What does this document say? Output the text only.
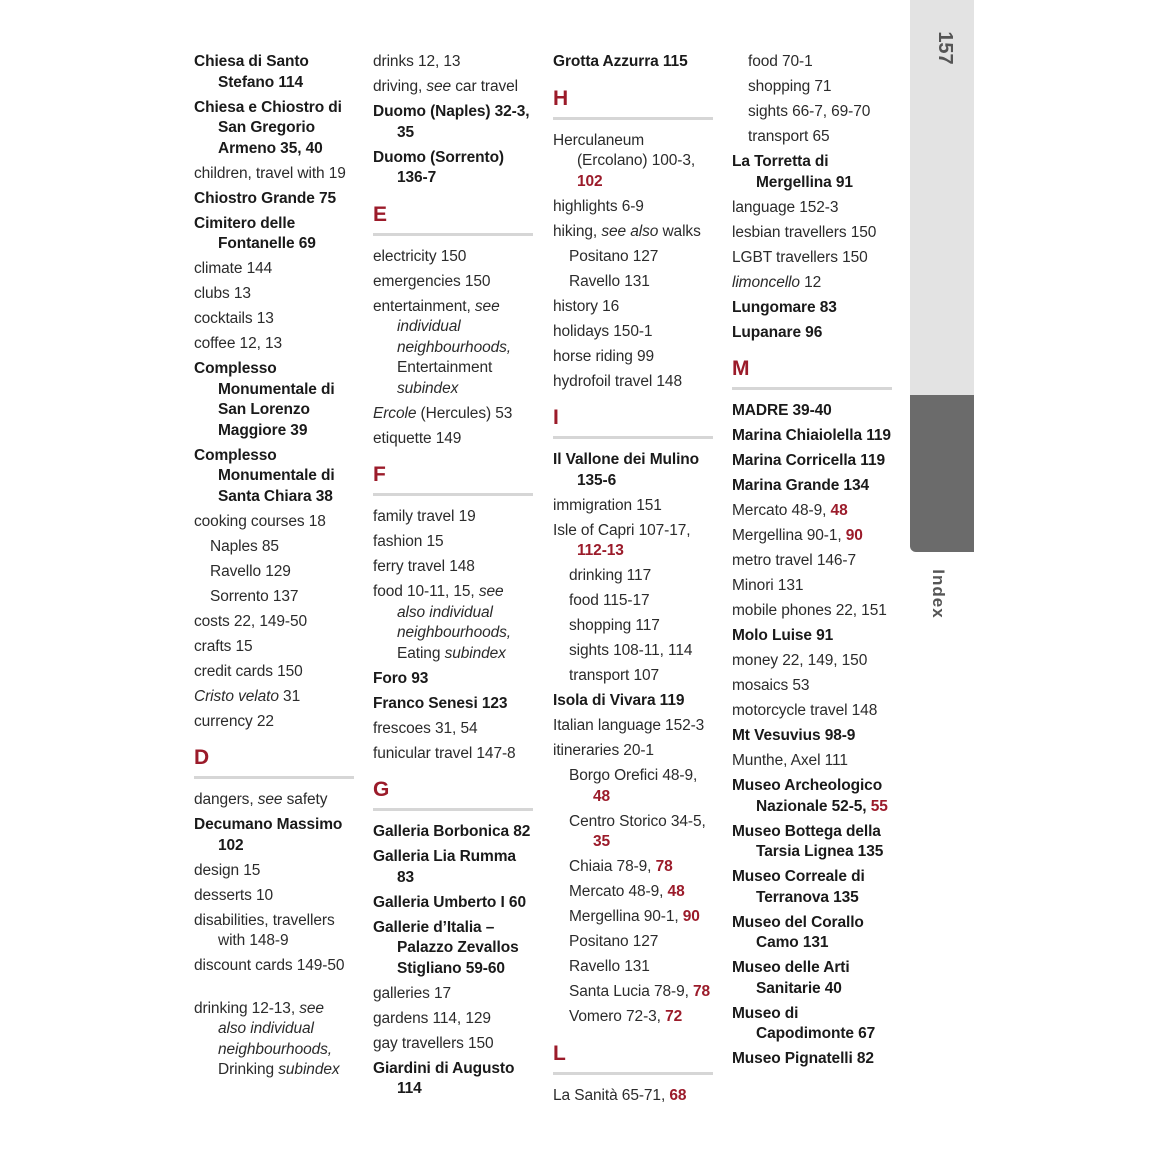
157
Index
Chiesa di Santo Stefano 114
Chiesa e Chiostro di San Gregorio Armeno 35, 40
children, travel with 19
Chiostro Grande 75
Cimitero delle Fontanelle 69
climate 144
clubs 13
cocktails 13
coffee 12, 13
Complesso Monumentale di San Lorenzo Maggiore 39
Complesso Monumentale di Santa Chiara 38
cooking courses 18
Naples 85
Ravello 129
Sorrento 137
costs 22, 149-50
crafts 15
credit cards 150
Cristo velato 31
currency 22
D
dangers, see safety
Decumano Massimo 102
design 15
desserts 10
disabilities, travellers with 148-9
discount cards 149-50
drinking 12-13, see also individual neighbourhoods, Drinking subindex
drinks 12, 13
driving, see car travel
Duomo (Naples) 32-3, 35
Duomo (Sorrento) 136-7
E
electricity 150
emergencies 150
entertainment, see individual neighbourhoods, Entertainment subindex
Ercole (Hercules) 53
etiquette 149
F
family travel 19
fashion 15
ferry travel 148
food 10-11, 15, see also individual neighbourhoods, Eating subindex
Foro 93
Franco Senesi 123
frescoes 31, 54
funicular travel 147-8
G
Galleria Borbonica 82
Galleria Lia Rumma 83
Galleria Umberto I 60
Gallerie d’Italia – Palazzo Zevallos Stigliano 59-60
galleries 17
gardens 114, 129
gay travellers 150
Giardini di Augusto 114
Grotta Azzurra 115
H
Herculaneum (Ercolano) 100-3, 102
highlights 6-9
hiking, see also walks
Positano 127
Ravello 131
history 16
holidays 150-1
horse riding 99
hydrofoil travel 148
I
Il Vallone dei Mulino 135-6
immigration 151
Isle of Capri 107-17, 112-13
drinking 117
food 115-17
shopping 117
sights 108-11, 114
transport 107
Isola di Vivara 119
Italian language 152-3
itineraries 20-1
Borgo Orefici 48-9, 48
Centro Storico 34-5, 35
Chiaia 78-9, 78
Mercato 48-9, 48
Mergellina 90-1, 90
Positano 127
Ravello 131
Santa Lucia 78-9, 78
Vomero 72-3, 72
L
La Sanità 65-71, 68
food 70-1
shopping 71
sights 66-7, 69-70
transport 65
La Torretta di Mergellina 91
language 152-3
lesbian travellers 150
LGBT travellers 150
limoncello 12
Lungomare 83
Lupanare 96
M
MADRE 39-40
Marina Chiaiolella 119
Marina Corricella 119
Marina Grande 134
Mercato 48-9, 48
Mergellina 90-1, 90
metro travel 146-7
Minori 131
mobile phones 22, 151
Molo Luise 91
money 22, 149, 150
mosaics 53
motorcycle travel 148
Mt Vesuvius 98-9
Munthe, Axel 111
Museo Archeologico Nazionale 52-5, 55
Museo Bottega della Tarsia Lignea 135
Museo Correale di Terranova 135
Museo del Corallo Camo 131
Museo delle Arti Sanitarie 40
Museo di Capodimonte 67
Museo Pignatelli 82
